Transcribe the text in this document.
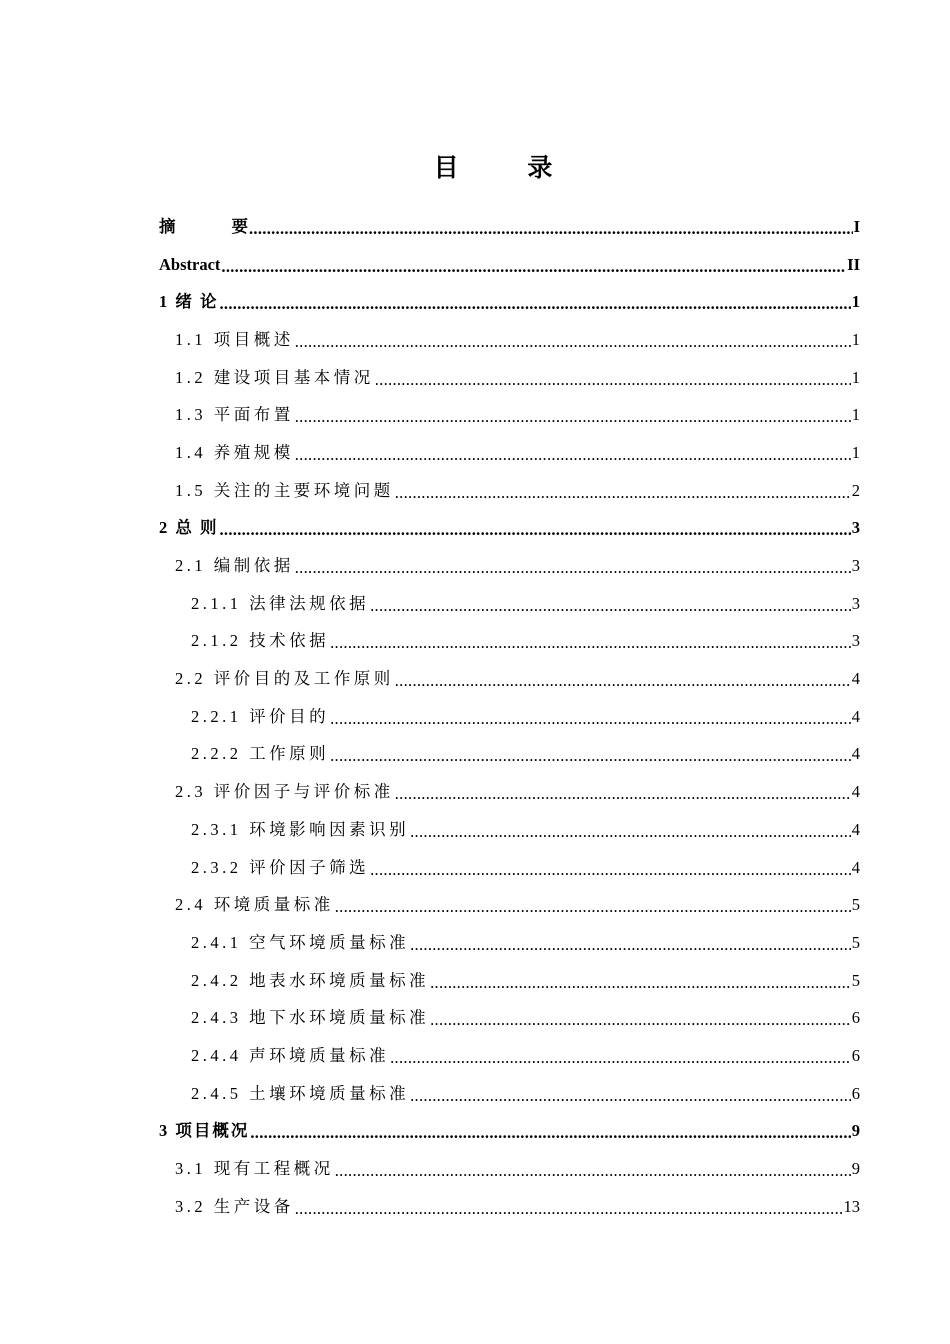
目 录
摘	要 .....	I
Abstract .....	II
1 绪 论 .....	1
1.1 项目概述 .....	1
1.2 建设项目基本情况 .....	1
1.3 平面布置 .....	1
1.4 养殖规模 .....	1
1.5 关注的主要环境问题 .....	2
2 总 则 .....	3
2.1 编制依据 .....	3
2.1.1 法律法规依据 .....	3
2.1.2 技术依据 .....	3
2.2 评价目的及工作原则 .....	4
2.2.1 评价目的 .....	4
2.2.2 工作原则 .....	4
2.3 评价因子与评价标准 .....	4
2.3.1 环境影响因素识别 .....	4
2.3.2 评价因子筛选 .....	4
2.4 环境质量标准 .....	5
2.4.1 空气环境质量标准 .....	5
2.4.2 地表水环境质量标准 .....	5
2.4.3 地下水环境质量标准 .....	6
2.4.4 声环境质量标准 .....	6
2.4.5 土壤环境质量标准 .....	6
3 项目概况 .....	9
3.1 现有工程概况 .....	9
3.2 生产设备 .....	13
